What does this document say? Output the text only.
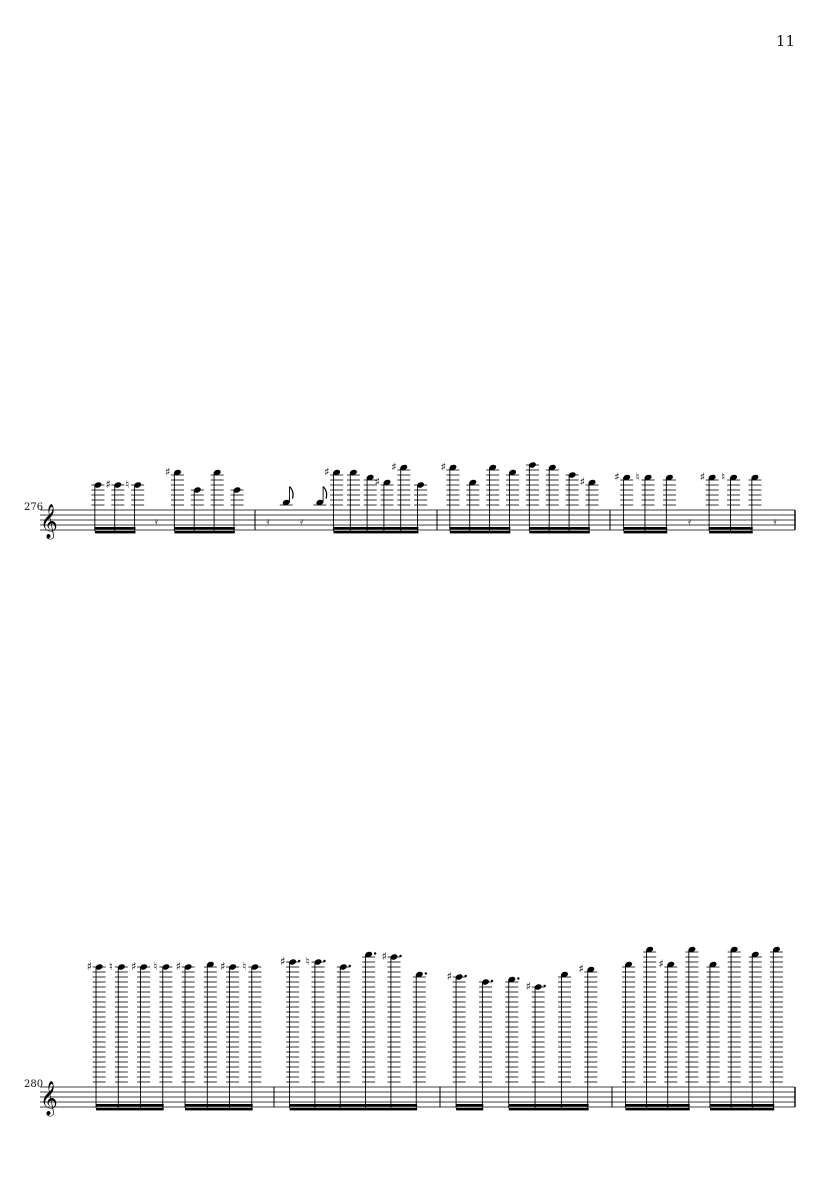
11
276
280
𝄞
♯ ♮
𝄿
♯
𝄿	𝄿
♯
♯
♯	♯
♯	♯ ♮
𝄿
♯ ♮
𝄿
𝄞
♯ ♮ ♯ ♮ ♯	♯ ♮	♯ ♮	♯
♯
♯
♯	♯
